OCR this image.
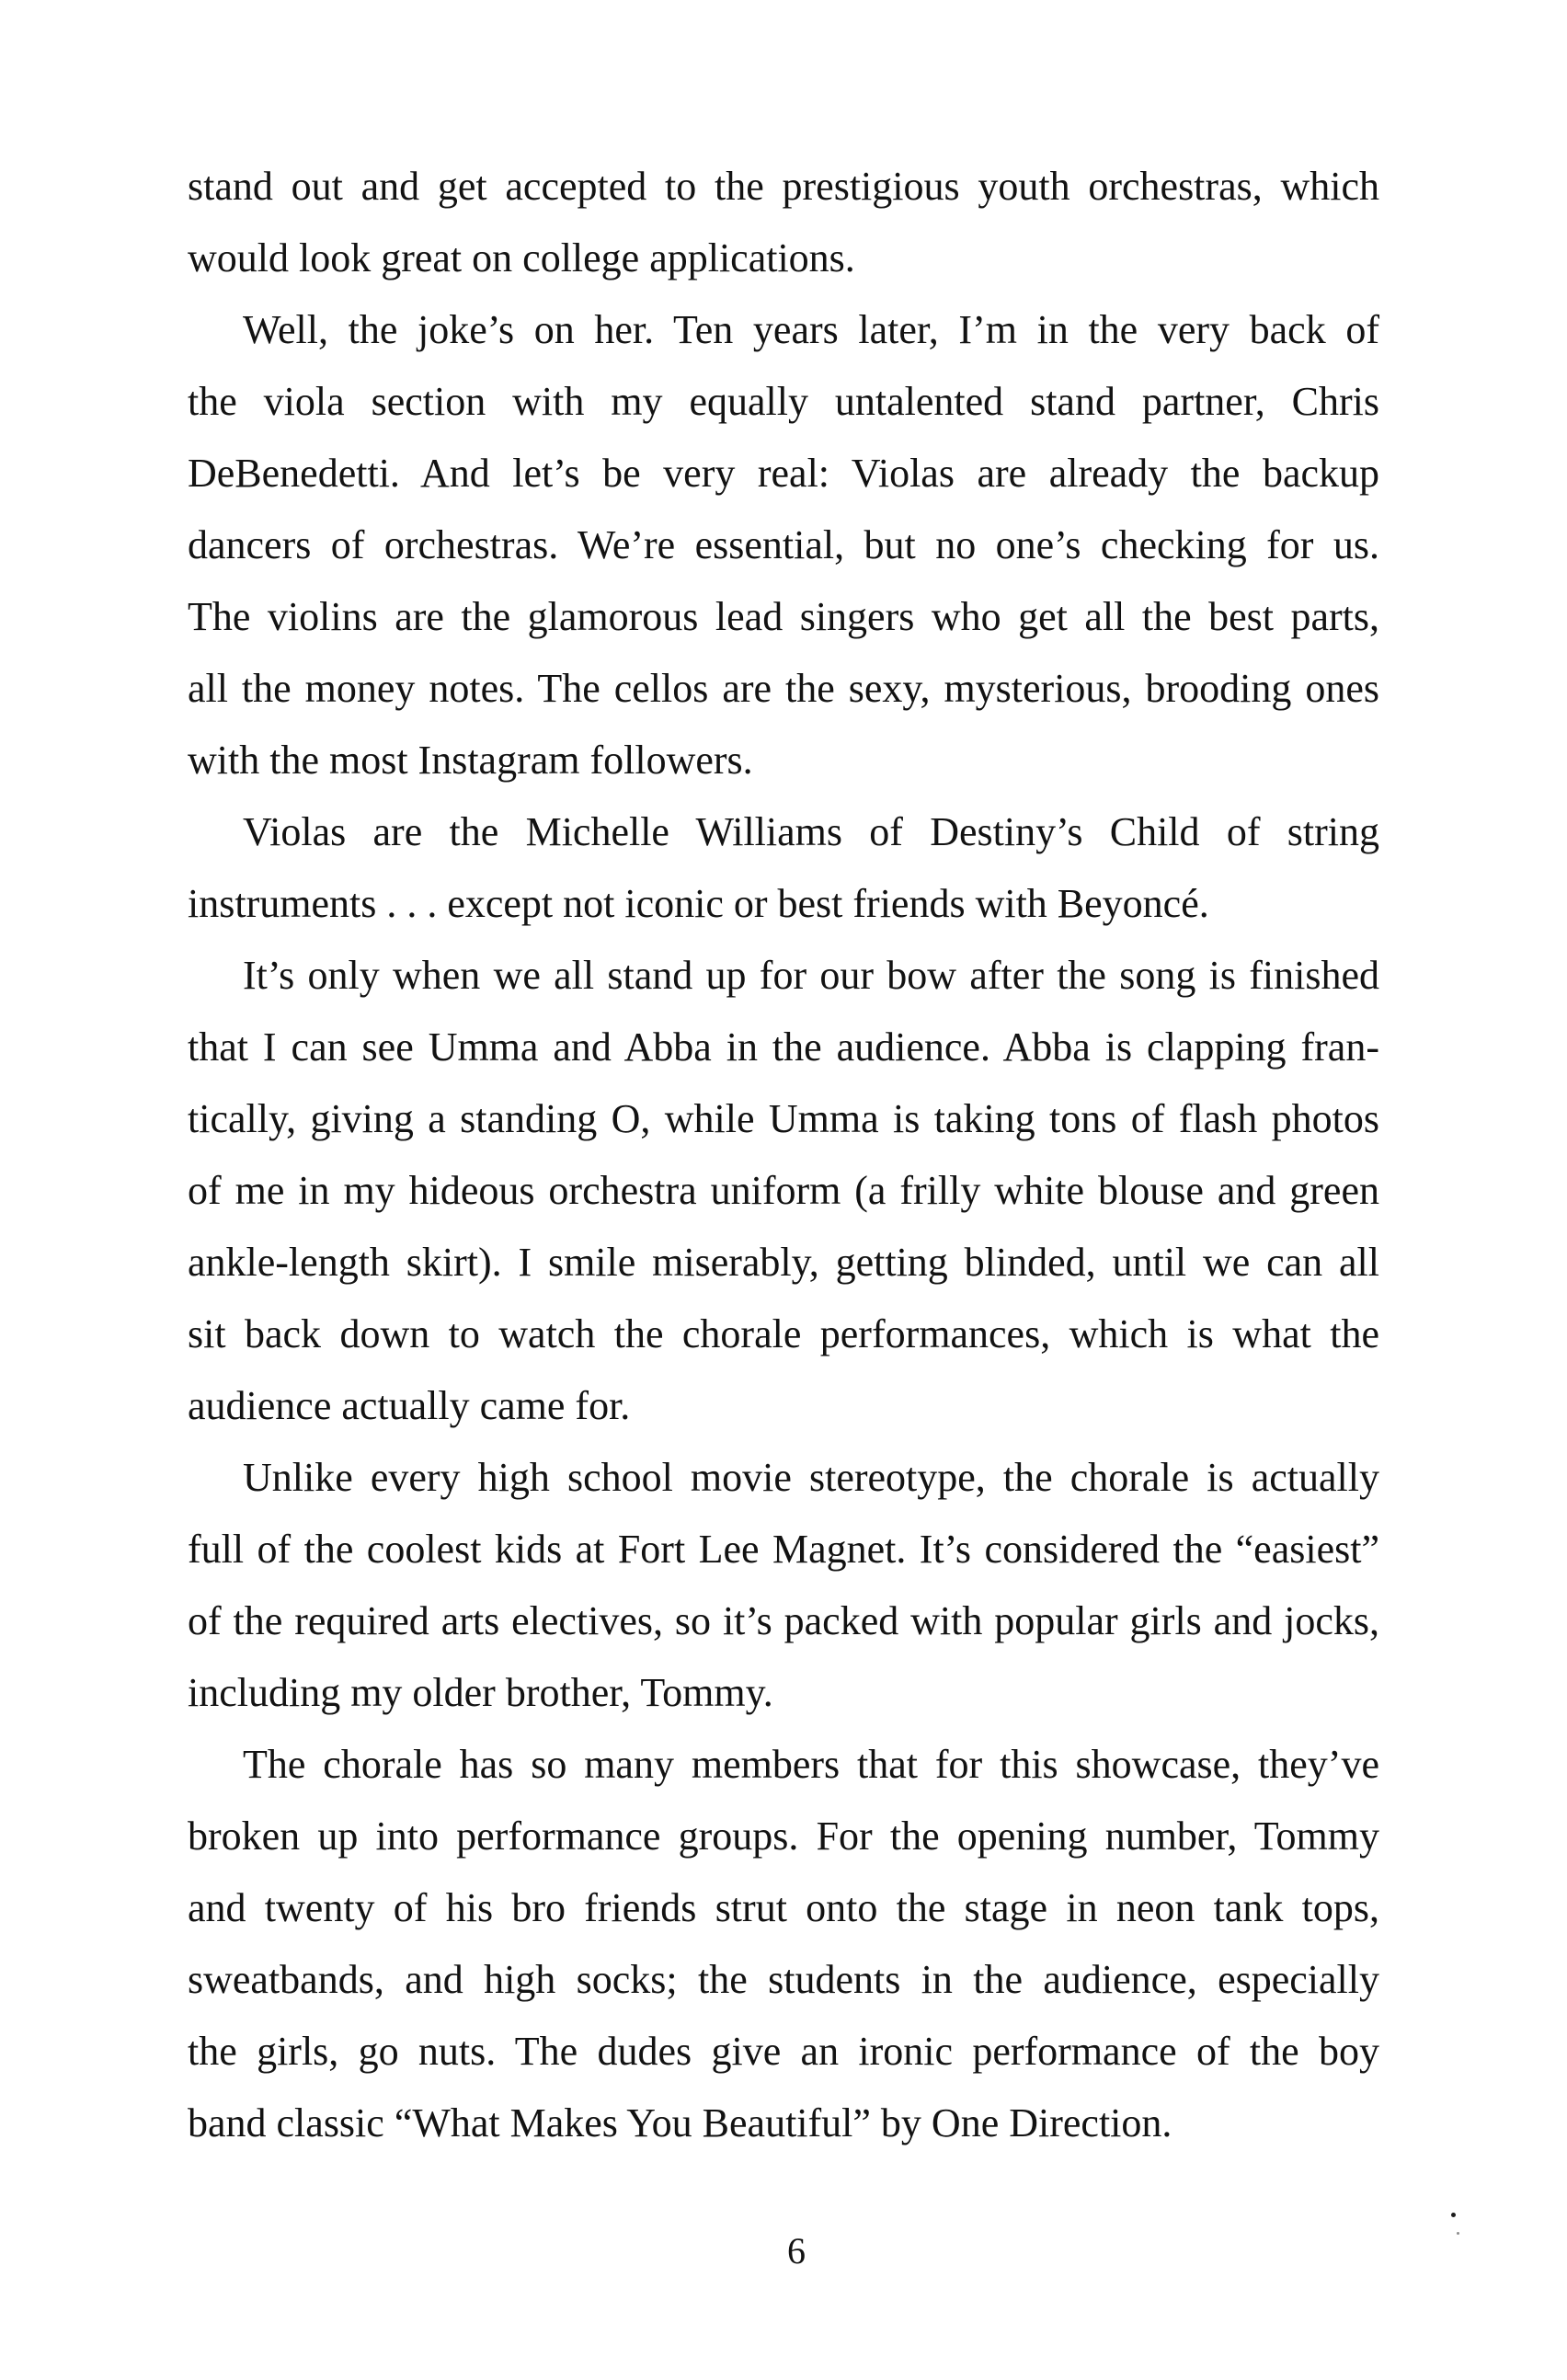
stand out and get accepted to the prestigious youth orchestras, which
would look great on college applications.
Well, the joke’s on her. Ten years later, I’m in the very back of
the viola section with my equally untalented stand partner, Chris
DeBenedetti. And let’s be very real: Violas are already the backup
dancers of orchestras. We’re essential, but no one’s checking for us.
The violins are the glamorous lead singers who get all the best parts,
all the money notes. The cellos are the sexy, mysterious, brooding ones
with the most Instagram followers.
Violas are the Michelle Williams of Destiny’s Child of string
instruments . . . except not iconic or best friends with Beyoncé.
It’s only when we all stand up for our bow after the song is finished
that I can see Umma and Abba in the audience. Abba is clapping fran-
tically, giving a standing O, while Umma is taking tons of flash photos
of me in my hideous orchestra uniform (a frilly white blouse and green
ankle-length skirt). I smile miserably, getting blinded, until we can all
sit back down to watch the chorale performances, which is what the
audience actually came for.
Unlike every high school movie stereotype, the chorale is actually
full of the coolest kids at Fort Lee Magnet. It’s considered the “easiest”
of the required arts electives, so it’s packed with popular girls and jocks,
including my older brother, Tommy.
The chorale has so many members that for this showcase, they’ve
broken up into performance groups. For the opening number, Tommy
and twenty of his bro friends strut onto the stage in neon tank tops,
sweatbands, and high socks; the students in the audience, especially
the girls, go nuts. The dudes give an ironic performance of the boy
band classic “What Makes You Beautiful” by One Direction.
6
